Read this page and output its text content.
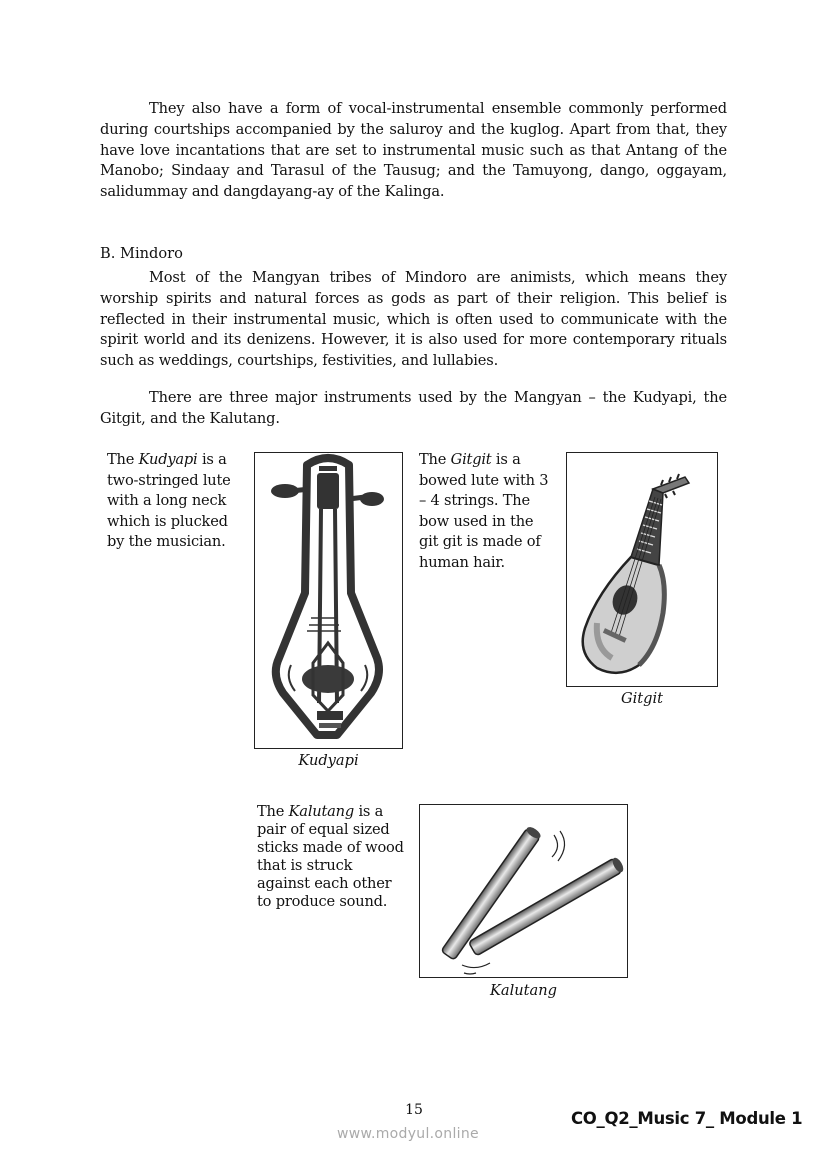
They also have a form of vocal-instrumental ensemble commonly performed during courtships accompanied by the saluroy and the kuglog. Apart from that, they have love incantations that are set to instrumental music such as that Antang of the Manobo; Sindaay and Tarasul of the Tausug; and the Tamuyong, dango, oggayam, salidummay and dangdayang-ay of the Kalinga.

B. Mindoro

Most of the Mangyan tribes of Mindoro are animists, which means they worship spirits and natural forces as gods as part of their religion. This belief is reflected in their instrumental music, which is often used to communicate with the spirit world and its denizens. However, it is also used for more contemporary rituals such as weddings, courtships, festivities, and lullabies.

There are three major instruments used by the Mangyan – the Kudyapi, the Gitgit, and the Kalutang.

The Kudyapi is a two-stringed lute with a long neck which is plucked by the musician.
Kudyapi
The Gitgit is a bowed lute with 3 – 4 strings. The bow used in the git git is made of human hair.
Gitgit
The Kalutang is a pair of equal sized sticks made of wood that is struck against each other to produce sound.
Kalutang
15	CO_Q2_Music 7_ Module 1
www.modyul.online
